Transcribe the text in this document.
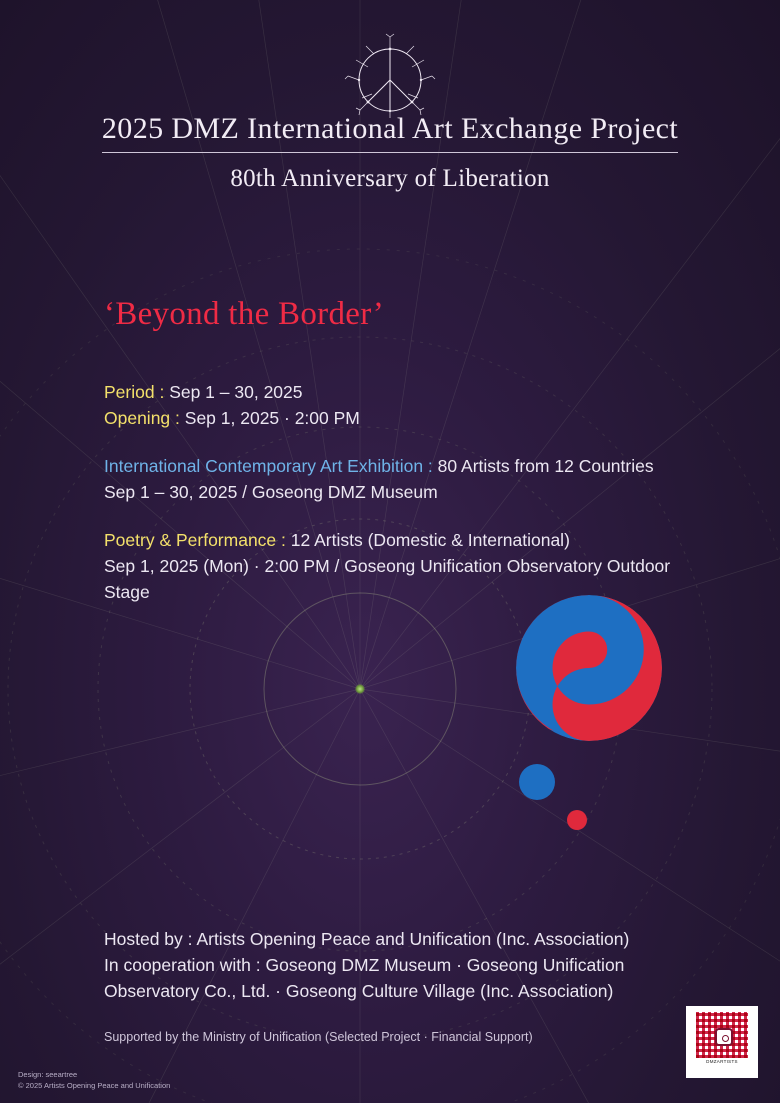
2025 DMZ International Art Exchange Project
80th Anniversary of Liberation
‘Beyond the Border’
Period : Sep 1 – 30, 2025
Opening : Sep 1, 2025 · 2:00 PM
International Contemporary Art Exhibition : 80 Artists from 12 Countries
Sep 1 – 30, 2025 / Goseong DMZ Museum
Poetry & Performance : 12 Artists (Domestic & International)
Sep 1, 2025 (Mon) · 2:00 PM / Goseong Unification Observatory Outdoor Stage
Hosted by : Artists Opening Peace and Unification (Inc. Association)
In cooperation with : Goseong DMZ Museum · Goseong Unification Observatory Co., Ltd. · Goseong Culture Village (Inc. Association)
Supported by the Ministry of Unification (Selected Project · Financial Support)
Design: seeartree
© 2025 Artists Opening Peace and Unification
DMZARTISTS
